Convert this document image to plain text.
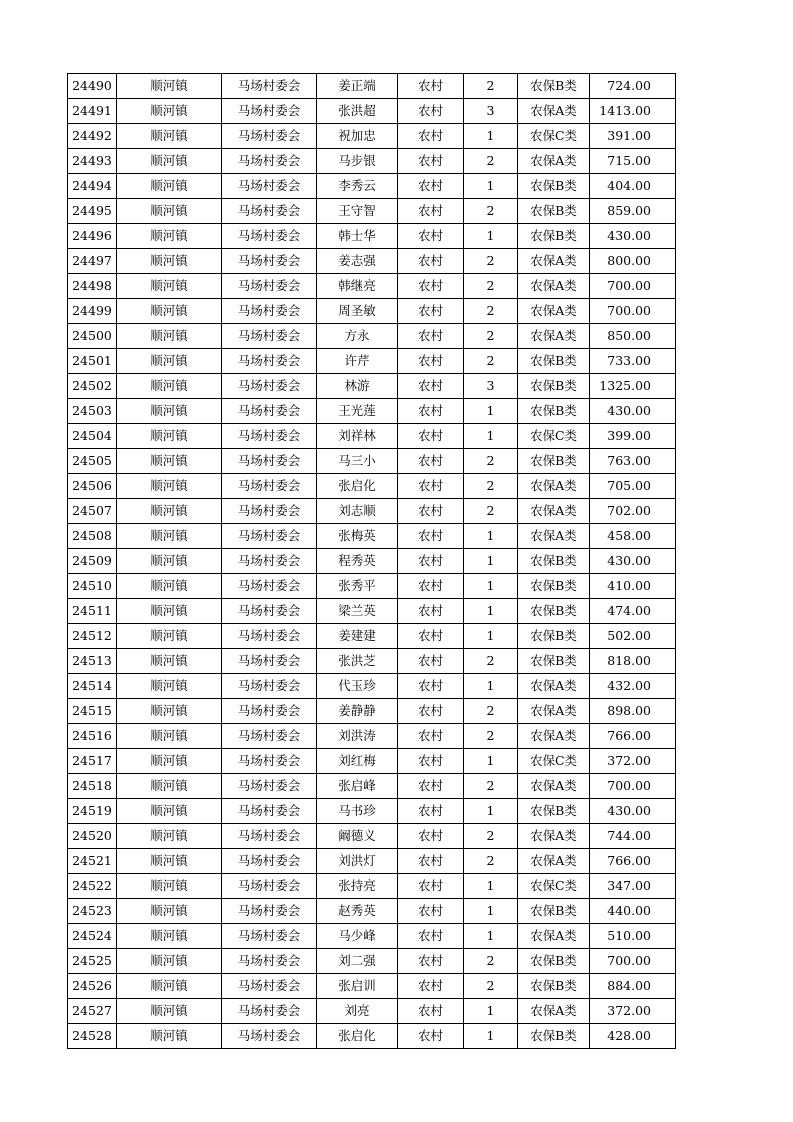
24490	顺河镇	马场村委会	姜正端	农村	2	农保B类	724.00
24491	顺河镇	马场村委会	张洪超	农村	3	农保A类	1413.00
24492	顺河镇	马场村委会	祝加忠	农村	1	农保C类	391.00
24493	顺河镇	马场村委会	马步银	农村	2	农保A类	715.00
24494	顺河镇	马场村委会	李秀云	农村	1	农保B类	404.00
24495	顺河镇	马场村委会	王守智	农村	2	农保B类	859.00
24496	顺河镇	马场村委会	韩士华	农村	1	农保B类	430.00
24497	顺河镇	马场村委会	姜志强	农村	2	农保A类	800.00
24498	顺河镇	马场村委会	韩继亮	农村	2	农保A类	700.00
24499	顺河镇	马场村委会	周圣敏	农村	2	农保A类	700.00
24500	顺河镇	马场村委会	方永	农村	2	农保A类	850.00
24501	顺河镇	马场村委会	许芹	农村	2	农保B类	733.00
24502	顺河镇	马场村委会	林游	农村	3	农保B类	1325.00
24503	顺河镇	马场村委会	王光莲	农村	1	农保B类	430.00
24504	顺河镇	马场村委会	刘祥林	农村	1	农保C类	399.00
24505	顺河镇	马场村委会	马三小	农村	2	农保B类	763.00
24506	顺河镇	马场村委会	张启化	农村	2	农保A类	705.00
24507	顺河镇	马场村委会	刘志顺	农村	2	农保A类	702.00
24508	顺河镇	马场村委会	张梅英	农村	1	农保A类	458.00
24509	顺河镇	马场村委会	程秀英	农村	1	农保B类	430.00
24510	顺河镇	马场村委会	张秀平	农村	1	农保B类	410.00
24511	顺河镇	马场村委会	梁兰英	农村	1	农保B类	474.00
24512	顺河镇	马场村委会	姜建建	农村	1	农保B类	502.00
24513	顺河镇	马场村委会	张洪芝	农村	2	农保B类	818.00
24514	顺河镇	马场村委会	代玉珍	农村	1	农保A类	432.00
24515	顺河镇	马场村委会	姜静静	农村	2	农保A类	898.00
24516	顺河镇	马场村委会	刘洪涛	农村	2	农保A类	766.00
24517	顺河镇	马场村委会	刘红梅	农村	1	农保C类	372.00
24518	顺河镇	马场村委会	张启峰	农村	2	农保A类	700.00
24519	顺河镇	马场村委会	马书珍	农村	1	农保B类	430.00
24520	顺河镇	马场村委会	阚德义	农村	2	农保A类	744.00
24521	顺河镇	马场村委会	刘洪灯	农村	2	农保A类	766.00
24522	顺河镇	马场村委会	张持亮	农村	1	农保C类	347.00
24523	顺河镇	马场村委会	赵秀英	农村	1	农保B类	440.00
24524	顺河镇	马场村委会	马少峰	农村	1	农保A类	510.00
24525	顺河镇	马场村委会	刘二强	农村	2	农保B类	700.00
24526	顺河镇	马场村委会	张启训	农村	2	农保B类	884.00
24527	顺河镇	马场村委会	刘亮	农村	1	农保A类	372.00
24528	顺河镇	马场村委会	张启化	农村	1	农保B类	428.00
